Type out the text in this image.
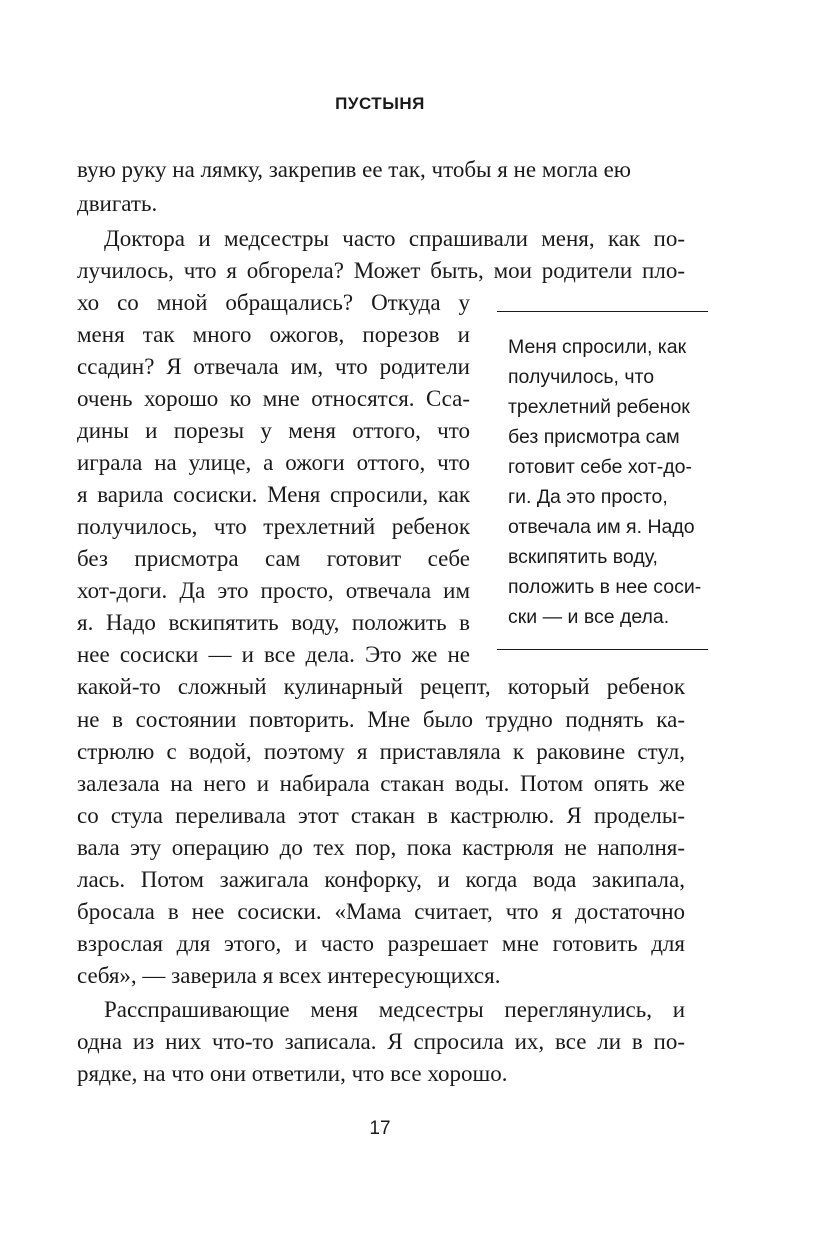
ПУСТЫНЯ
вую руку на лямку, закрепив ее так, чтобы я не могла ею
двигать.
Доктора и медсестры часто спрашивали меня, как по-
лучилось, что я обгорела? Может быть, мои родители пло-
хо со мной обращались? Откуда у
меня так много ожогов, порезов и
ссадин? Я отвечала им, что родители
очень хорошо ко мне относятся. Сса-
дины и порезы у меня оттого, что
играла на улице, а ожоги оттого, что
я варила сосиски. Меня спросили, как
получилось, что трехлетний ребенок
без присмотра сам готовит себе
хот-доги. Да это просто, отвечала им
я. Надо вскипятить воду, положить в
нее сосиски — и все дела. Это же не
какой-то сложный кулинарный рецепт, который ребенок
не в состоянии повторить. Мне было трудно поднять ка-
стрюлю с водой, поэтому я приставляла к раковине стул,
залезала на него и набирала стакан воды. Потом опять же
со стула переливала этот стакан в кастрюлю. Я проделы-
вала эту операцию до тех пор, пока кастрюля не наполня-
лась. Потом зажигала конфорку, и когда вода закипала,
бросала в нее сосиски. «Мама считает, что я достаточно
взрослая для этого, и часто разрешает мне готовить для
себя», — заверила я всех интересующихся.
Расспрашивающие меня медсестры переглянулись, и
одна из них что-то записала. Я спросила их, все ли в по-
рядке, на что они ответили, что все хорошо.
Меня спросили, как
получилось, что
трехлетний ребенок
без присмотра сам
готовит себе хот-до-
ги. Да это просто,
отвечала им я. Надо
вскипятить воду,
положить в нее соси-
ски — и все дела.
17
